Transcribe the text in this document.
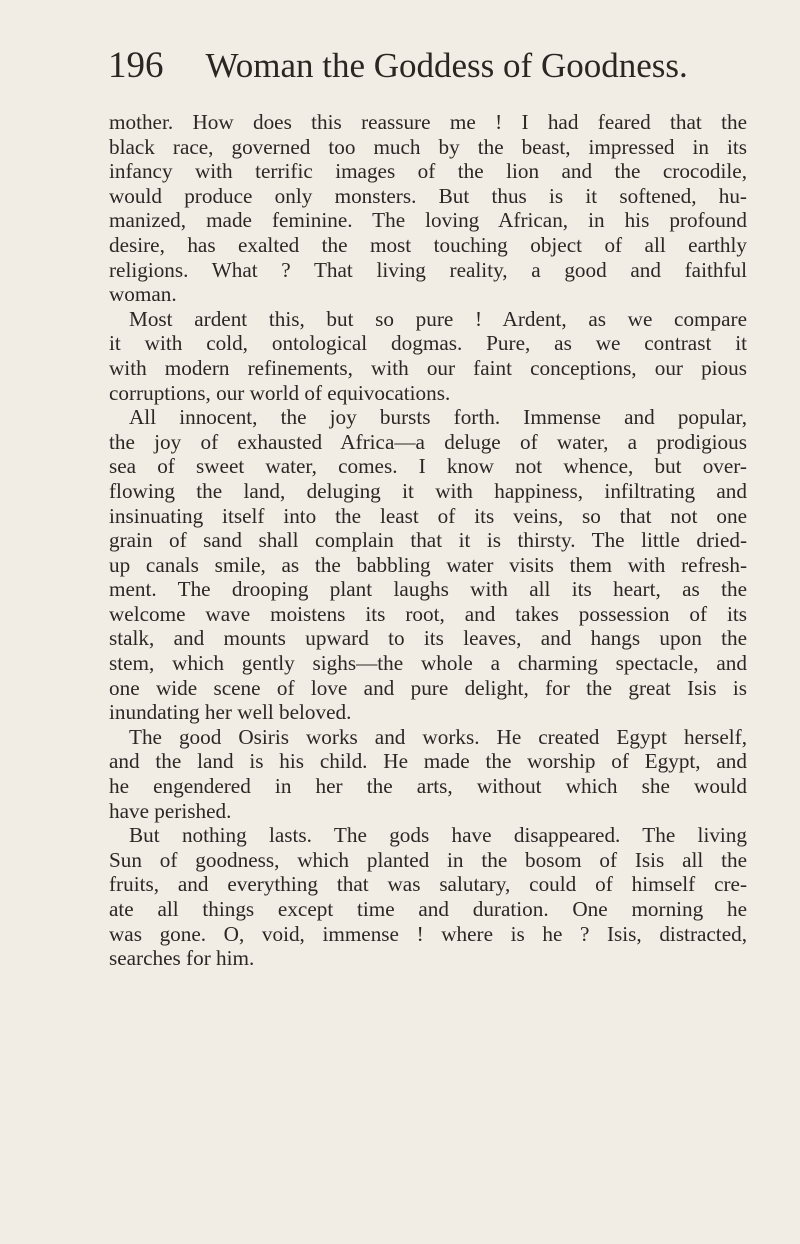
196 Woman the Goddess of Goodness.
mother. How does this reassure me ! I had feared that the
black race, governed too much by the beast, impressed in its
infancy with terrific images of the lion and the crocodile,
would produce only monsters. But thus is it softened, hu-
manized, made feminine. The loving African, in his profound
desire, has exalted the most touching object of all earthly
religions. What ? That living reality, a good and faithful
woman.
Most ardent this, but so pure ! Ardent, as we compare
it with cold, ontological dogmas. Pure, as we contrast it
with modern refinements, with our faint conceptions, our pious
corruptions, our world of equivocations.
All innocent, the joy bursts forth. Immense and popular,
the joy of exhausted Africa—a deluge of water, a prodigious
sea of sweet water, comes. I know not whence, but over-
flowing the land, deluging it with happiness, infiltrating and
insinuating itself into the least of its veins, so that not one
grain of sand shall complain that it is thirsty. The little dried-
up canals smile, as the babbling water visits them with refresh-
ment. The drooping plant laughs with all its heart, as the
welcome wave moistens its root, and takes possession of its
stalk, and mounts upward to its leaves, and hangs upon the
stem, which gently sighs—the whole a charming spectacle, and
one wide scene of love and pure delight, for the great Isis is
inundating her well beloved.
The good Osiris works and works. He created Egypt herself,
and the land is his child. He made the worship of Egypt, and
he engendered in her the arts, without which she would
have perished.
But nothing lasts. The gods have disappeared. The living
Sun of goodness, which planted in the bosom of Isis all the
fruits, and everything that was salutary, could of himself cre-
ate all things except time and duration. One morning he
was gone. O, void, immense ! where is he ? Isis, distracted,
searches for him.
